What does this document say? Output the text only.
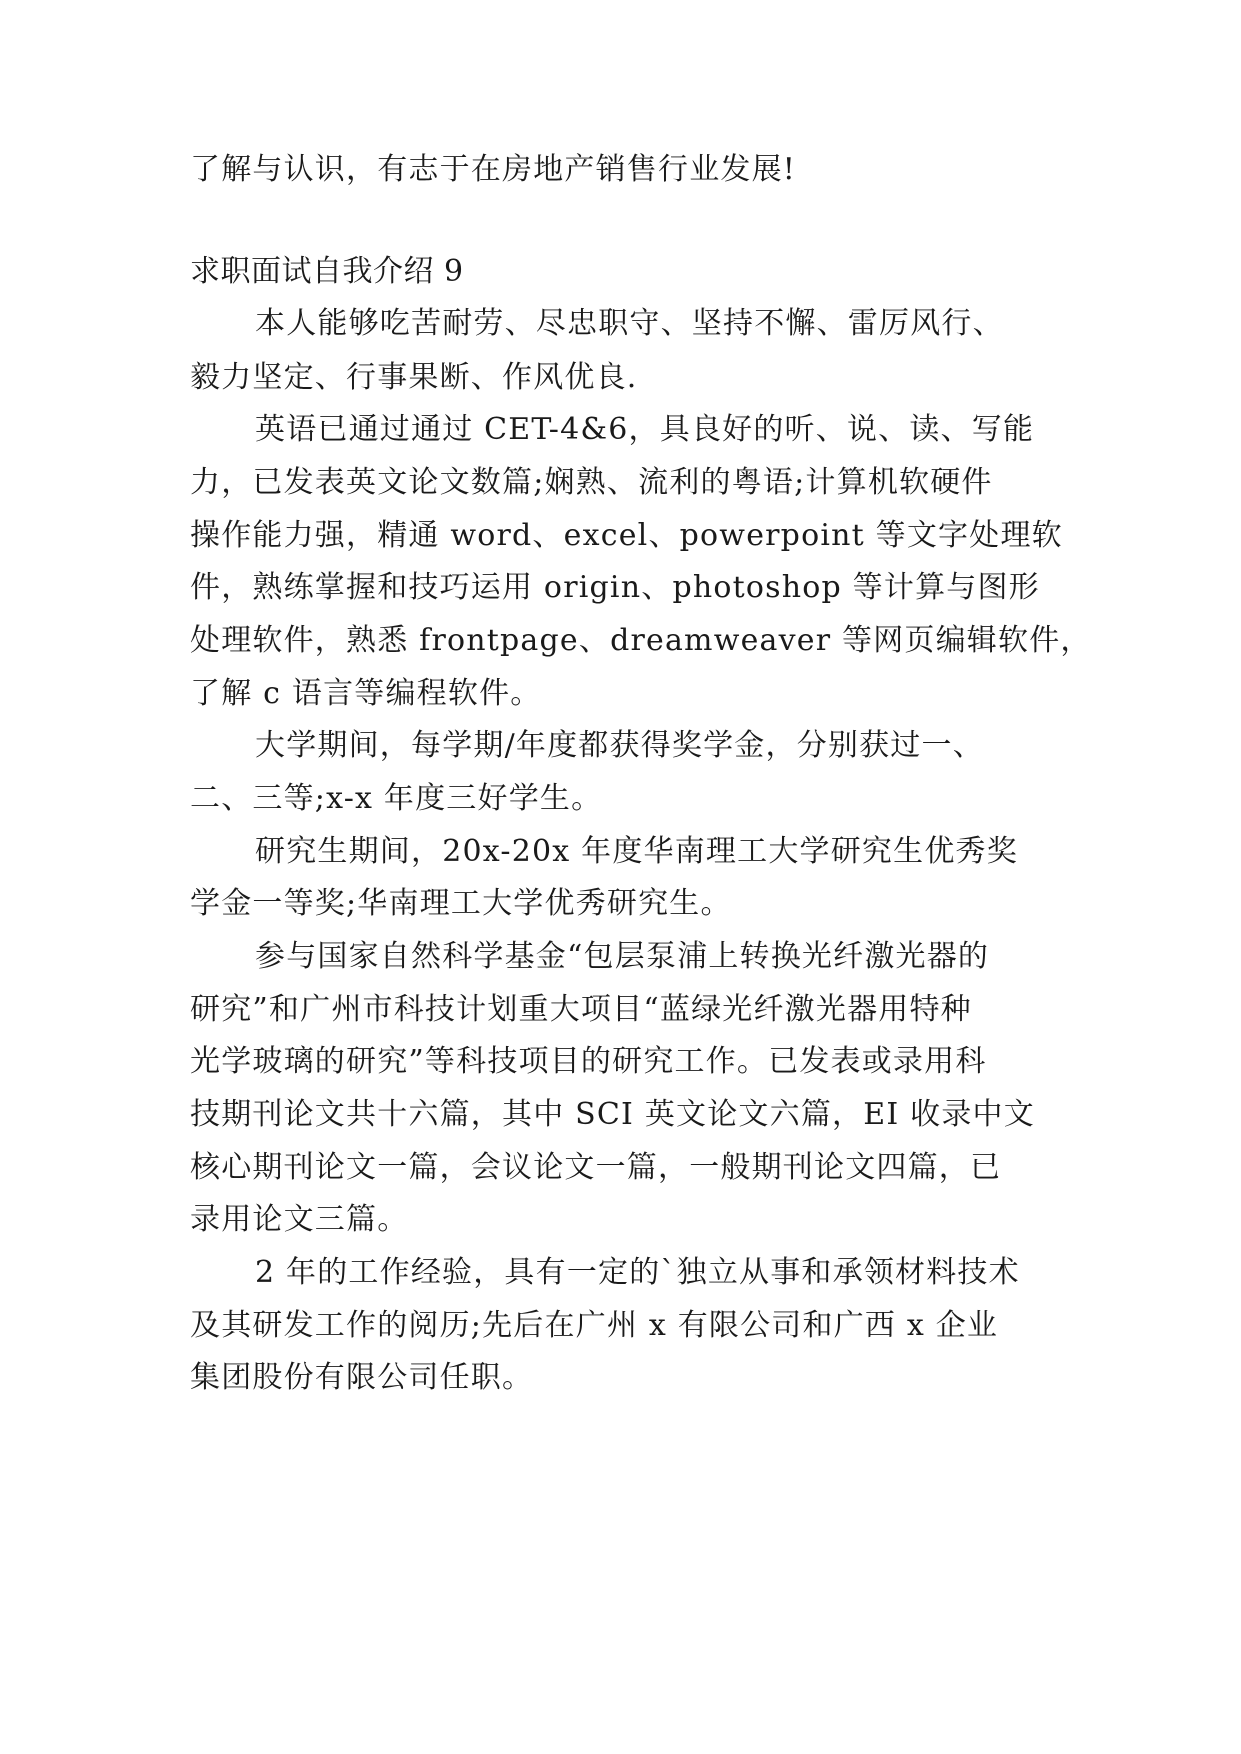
了解与认识，有志于在房地产销售行业发展!
求职面试自我介绍 9
本人能够吃苦耐劳、尽忠职守、坚持不懈、雷厉风行、
毅力坚定、行事果断、作风优良.
英语已通过通过 CET-4&6，具良好的听、说、读、写能
力，已发表英文论文数篇;娴熟、流利的粤语;计算机软硬件
操作能力强，精通 word、excel、powerpoint 等文字处理软
件，熟练掌握和技巧运用 origin、photoshop 等计算与图形
处理软件，熟悉 frontpage、dreamweaver 等网页编辑软件，
了解 c 语言等编程软件。
大学期间，每学期/年度都获得奖学金，分别获过一、
二、三等;x-x 年度三好学生。
研究生期间，20x-20x 年度华南理工大学研究生优秀奖
学金一等奖;华南理工大学优秀研究生。
参与国家自然科学基金“包层泵浦上转换光纤激光器的
研究”和广州市科技计划重大项目“蓝绿光纤激光器用特种
光学玻璃的研究”等科技项目的研究工作。已发表或录用科
技期刊论文共十六篇，其中 SCI 英文论文六篇，EI 收录中文
核心期刊论文一篇，会议论文一篇，一般期刊论文四篇，已
录用论文三篇。
2 年的工作经验，具有一定的`独立从事和承领材料技术
及其研发工作的阅历;先后在广州 x 有限公司和广西 x 企业
集团股份有限公司任职。
